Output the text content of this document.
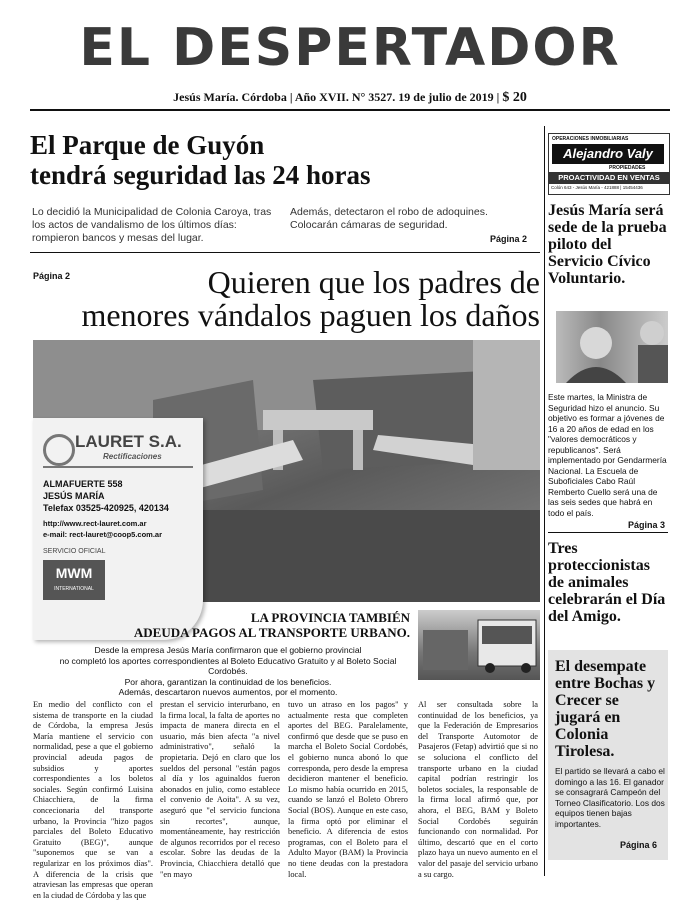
EL DESPERTADOR
Jesús María. Córdoba | Año XVII. N° 3527. 19 de julio de 2019 | $ 20
El Parque de Guyón
tendrá seguridad las 24 horas
Lo decidió la Municipalidad de Colonia Caroya, tras los actos de vandalismo de los últimos días: rompieron bancos y mesas del lugar.
Además, detectaron el robo de adoquines. Colocarán cámaras de seguridad.
Página 2
Página 2	Quieren que los padres de
menores vándalos paguen los daños
LAURET S.A.
Rectificaciones
ALMAFUERTE 558
JESÚS MARÍA
Telefax 03525-420925, 420134
http://www.rect-lauret.com.ar
e-mail: rect-lauret@coop5.com.ar
SERVICIO OFICIAL
MWM
INTERNATIONAL
LA PROVINCIA TAMBIÉN
ADEUDA PAGOS AL TRANSPORTE URBANO.
Desde la empresa Jesús María confirmaron que el gobierno provincial
no completó los aportes correspondientes al Boleto Educativo Gratuito y al Boleto Social Cordobés.
Por ahora, garantizan la continuidad de los beneficios.
Además, descartaron nuevos aumentos, por el momento.
En medio del conflicto con el sistema de transporte en la ciudad de Córdoba, la empresa Jesús María mantiene el servicio con normalidad, pese a que el gobierno provincial adeuda pagos de subsidios y aportes correspondientes a los boletos sociales. Según confirmó Luisina Chiacchiera, de la firma concecionaria del transporte urbano, la Provincia "hizo pagos parciales del Boleto Educativo Gratuito (BEG)", aunque "suponemos que se van a regularizar en los próximos días". A diferencia de la crisis que atraviesan las empresas que operan en la ciudad de Córdoba y las que
prestan el servicio interurbano, en la firma local, la falta de aportes no impacta de manera directa en el usuario, más bien afecta "a nivel administrativo", señaló la propietaria. Dejó en claro que los sueldos del personal "están pagos al día y los aguinaldos fueron abonados en julio, como establece el convenio de Aoita". A su vez, aseguró que "el servicio funciona sin recortes", aunque, momentáneamente, hay restricción de algunos recorridos por el receso escolar. Sobre las deudas de la Provincia, Chiacchiera detalló que "en mayo
tuvo un atraso en los pagos" y actualmente resta que completen aportes del BEG. Paralelamente, confirmó que desde que se puso en marcha el Boleto Social Cordobés, el gobierno nunca abonó lo que corresponda, pero desde la empresa decidieron mantener el beneficio. Lo mismo había ocurrido en 2015, cuando se lanzó el Boleto Obrero Social (BOS). Aunque en este caso, la firma optó por eliminar el beneficio. A diferencia de estos programas, con el Boleto para el Adulto Mayor (BAM) la Provincia no tiene deudas con la prestadora local.
Al ser consultada sobre la continuidad de los beneficios, ya que la Federación de Empresarios del Transporte Automotor de Pasajeros (Fetap) advirtió que si no se soluciona el conflicto del transporte urbano en la ciudad capital podrían restringir los boletos sociales, la responsable de la firma local afirmó que, por ahora, el BEG, BAM y Boleto Social Cordobés seguirán funcionando con normalidad. Por último, descartó que en el corto plazo haya un nuevo aumento en el valor del pasaje del servicio urbano a su cargo.
OPERACIONES INMOBILIARIAS
Alejandro Valy
PROPIEDADES
PROACTIVIDAD EN VENTAS
Colón 643 - Jesús María - 421888 | 15454436
Jesús María será sede de la prueba piloto del Servicio Cívico Voluntario.
Este martes, la Ministra de Seguridad hizo el anuncio. Su objetivo es formar a jóvenes de 16 a 20 años de edad en los "valores democráticos y republicanos". Será implementado por Gendarmería Nacional. La Escuela de Suboficiales Cabo Raúl Remberto Cuello será una de las seis sedes que habrá en todo el país.
Página 3
Tres proteccionistas de animales celebrarán el Día del Amigo.
El desempate entre Bochas y Crecer se jugará en Colonia Tirolesa.
El partido se llevará a cabo el domingo a las 16. El ganador se consagrará Campeón del Torneo Clasificatorio. Los dos equipos tienen bajas importantes.
Página 6
